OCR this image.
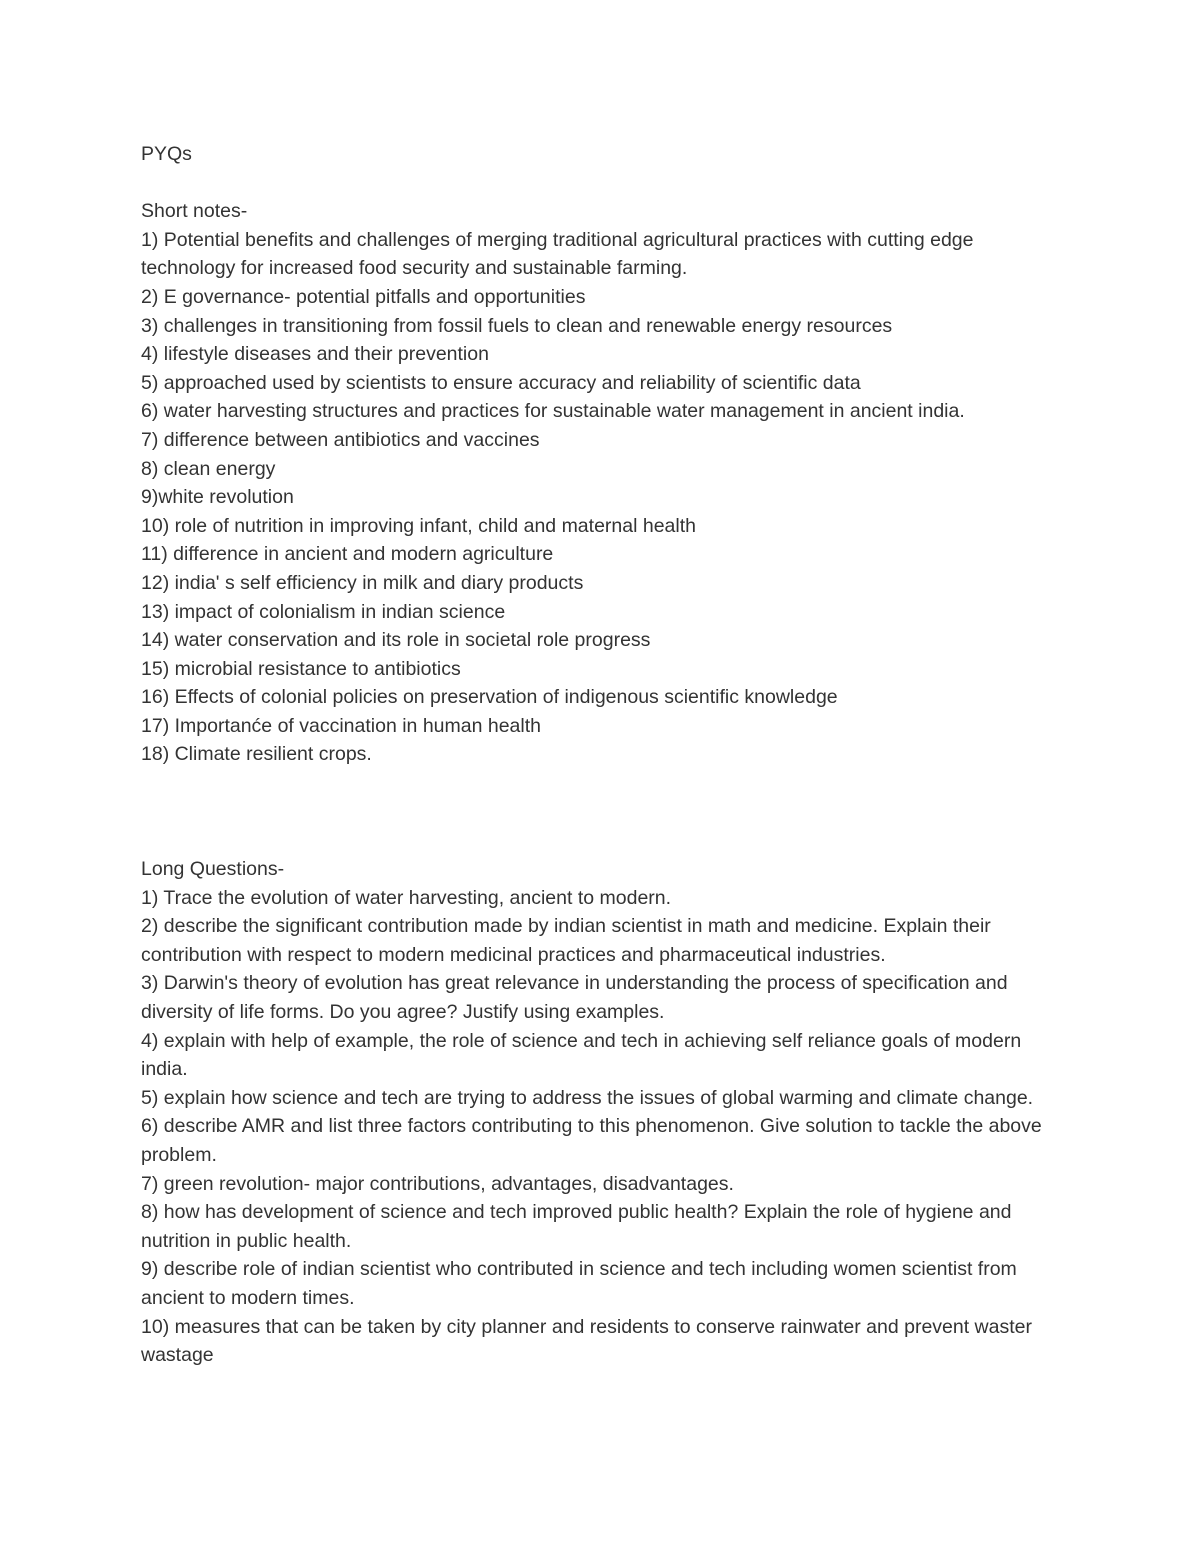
PYQs

Short notes-

1) Potential benefits and challenges of merging traditional agricultural practices with cutting edge technology for increased food security and sustainable farming.
2) E governance- potential pitfalls and opportunities
3) challenges in transitioning from fossil fuels to clean and renewable energy resources
4) lifestyle diseases and their prevention
5) approached used by scientists to ensure accuracy and reliability of scientific data
6) water harvesting structures and practices for sustainable water management in ancient india.
7) difference between antibiotics and vaccines
8) clean energy
9)white revolution
10) role of nutrition in improving infant, child and maternal health
11) difference in ancient and modern agriculture
12) india' s self efficiency in milk and diary products
13) impact of colonialism in indian science
14) water conservation and its role in societal role progress
15) microbial resistance to antibiotics
16) Effects of colonial policies on preservation of indigenous scientific knowledge
17) Importanće of vaccination in human health
18) Climate resilient crops.

Long Questions-

1) Trace the evolution of water harvesting, ancient to modern.
2) describe the significant contribution made by indian scientist in math and medicine. Explain their contribution with respect to modern medicinal practices and pharmaceutical industries.
3) Darwin's theory of evolution has great relevance in understanding the process of specification and diversity of life forms. Do you agree? Justify using examples.
4) explain with help of example, the role of science and tech in achieving self reliance goals of modern india.
5) explain how science and tech are trying to address the issues of global warming and climate change.
6) describe AMR and list three factors contributing to this phenomenon. Give solution to tackle the above problem.
7) green revolution- major contributions, advantages, disadvantages.
8) how has development of science and tech improved public health? Explain the role of hygiene and nutrition in public health.
9) describe role of indian scientist who contributed in science and tech including women scientist from ancient to modern times.
10) measures that can be taken by city planner and residents to conserve rainwater and prevent waster wastage
